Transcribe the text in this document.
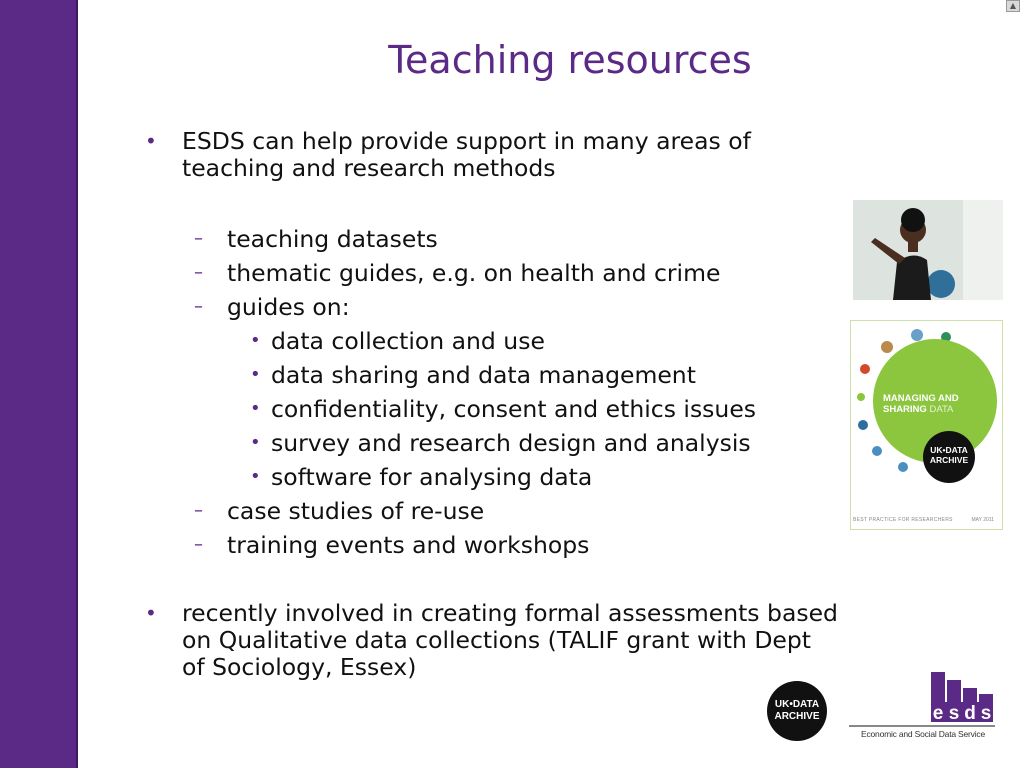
▲
Teaching resources
• ESDS can help provide support in many areas of teaching and research methods
– teaching datasets
– thematic guides, e.g. on health and crime
– guides on:
• data collection and use
• data sharing and data management
• confidentiality, consent and ethics issues
• survey and research design and analysis
• software for analysing data
– case studies of re-use
– training events and workshops
• recently involved in creating formal assessments based on Qualitative data collections (TALIF grant with Dept of Sociology, Essex)
MANAGING AND
SHARING DATA
UK•DATA
ARCHIVE
BEST PRACTICE FOR RESEARCHERS	MAY 2011
UK•DATA
ARCHIVE	e s d s
Economic and Social Data Service
